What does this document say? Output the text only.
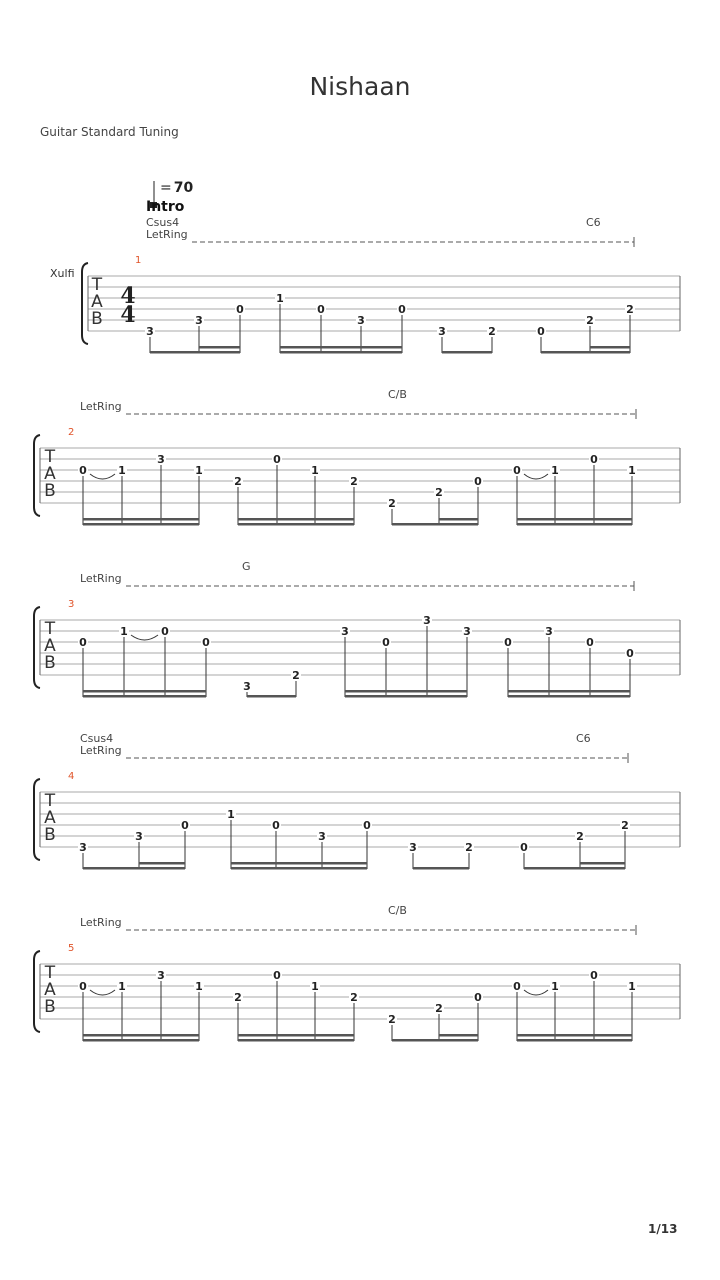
Nishaan
Guitar Standard Tuning
= 70
Intro
Csus4	C6
LetRing
1
Xulfi
C/B
LetRing
2
G
LetRing
3
Csus4	C6
LetRing
4
C/B
LetRing
5
1/13
T
A
B
4
4
3
3
0
1
0
3
0
3	2	0
2
2
T
A
B
0	1
3
1
2
0
1
2
2
2
0
0	1
0
1
T
A
B
0
1	0
0
3
2
3
0
3
3
0
3
0
0
T
A
B
3
3
0
1
0
3
0
3	2	0
2
2
T
A
B
0	1
3
1
2
0
1
2
2
2
0
0	1
0
1
